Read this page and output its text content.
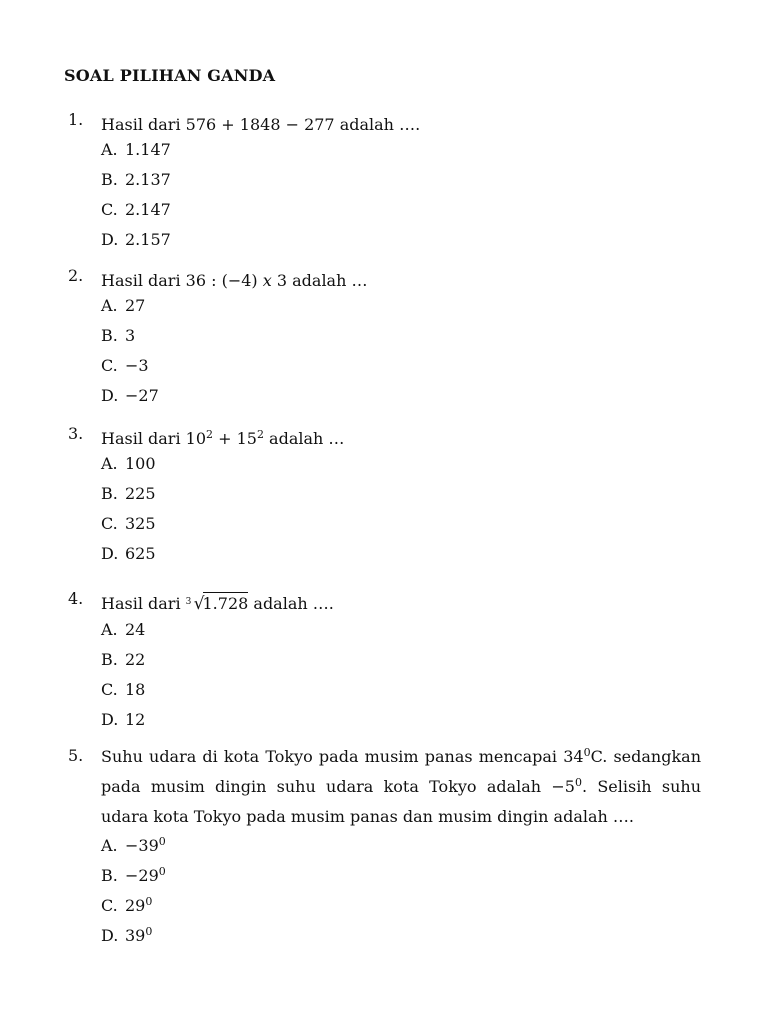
SOAL PILIHAN GANDA
1. Hasil dari 576 + 1848 − 277 adalah ….
A. 1.147
B. 2.137
C. 2.147
D. 2.157
2. Hasil dari 36 : (−4) x 3 adalah …
A. 27
B. 3
C. −3
D. −27
3. Hasil dari $10^2 + 15^2$ adalah …
A. 100
B. 225
C. 325
D. 625
4. Hasil dari 3 √1.728 adalah ….
A. 24
B. 22
C. 18
D. 12
5. Suhu udara di kota Tokyo pada musim panas mencapai $34^0C$. sedangkan pada musim dingin suhu udara kota Tokyo adalah $-5^0$. Selisih suhu udara kota Tokyo pada musim panas dan musim dingin adalah ….
A. $-39^0$
B. $-29^0$
C. $29^0$
D. $39^0$
